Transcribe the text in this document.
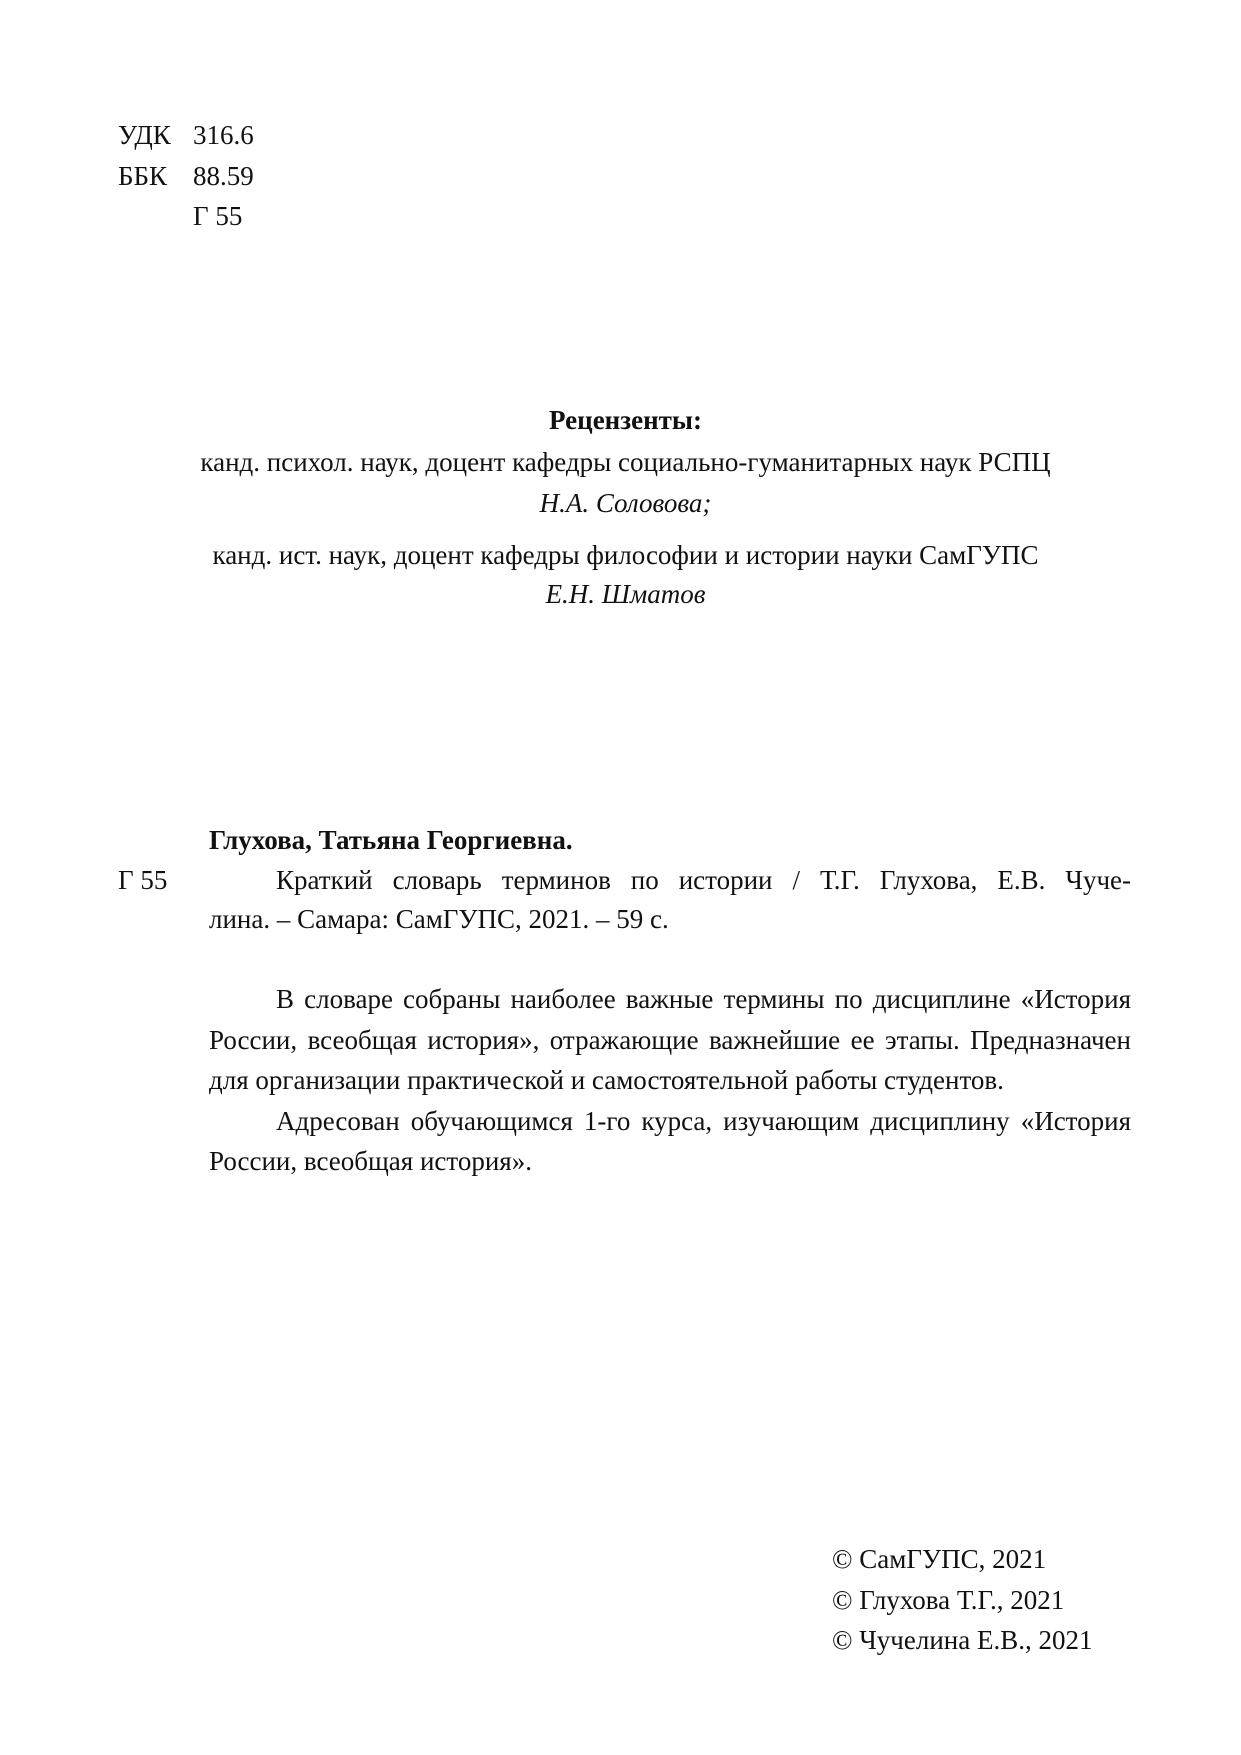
УДК 316.6
ББК 88.59
Г 55
Рецензенты:
канд. психол. наук, доцент кафедры социально-гуманитарных наук РСПЦ
Н.А. Соловова;
канд. ист. наук, доцент кафедры философии и истории науки СамГУПС
Е.Н. Шматов
Глухова, Татьяна Георгиевна.
Г 55	Краткий словарь терминов по истории / Т.Г. Глухова, Е.В. Чуче-
лина. – Самара: СамГУПС, 2021. – 59 с.

В словаре собраны наиболее важные термины по дисциплине «История России, всеобщая история», отражающие важнейшие ее этапы. Предназначен для организации практической и самостоятельной работы студентов.

Адресован обучающимся 1-го курса, изучающим дисциплину «История России, всеобщая история».

© СамГУПС, 2021
© Глухова Т.Г., 2021
© Чучелина Е.В., 2021
